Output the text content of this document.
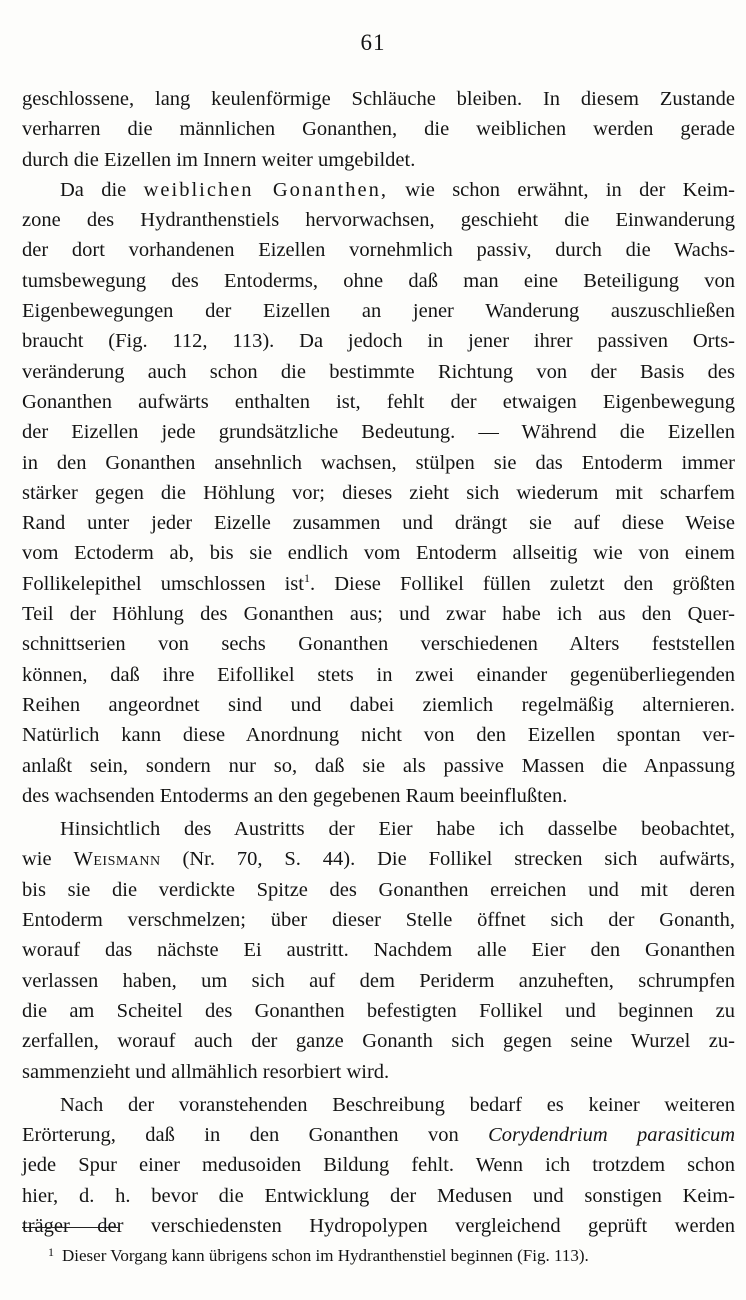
61
geschlossene, lang keulenförmige Schläuche bleiben. In diesem Zustande
verharren die männlichen Gonanthen, die weiblichen werden gerade
durch die Eizellen im Innern weiter umgebildet.
Da die weiblichen Gonanthen, wie schon erwähnt, in der Keim-
zone des Hydranthenstiels hervorwachsen, geschieht die Einwanderung
der dort vorhandenen Eizellen vornehmlich passiv, durch die Wachs-
tumsbewegung des Entoderms, ohne daß man eine Beteiligung von
Eigenbewegungen der Eizellen an jener Wanderung auszuschließen
braucht (Fig. 112, 113). Da jedoch in jener ihrer passiven Orts-
veränderung auch schon die bestimmte Richtung von der Basis des
Gonanthen aufwärts enthalten ist, fehlt der etwaigen Eigenbewegung
der Eizellen jede grundsätzliche Bedeutung. — Während die Eizellen
in den Gonanthen ansehnlich wachsen, stülpen sie das Entoderm immer
stärker gegen die Höhlung vor; dieses zieht sich wiederum mit scharfem
Rand unter jeder Eizelle zusammen und drängt sie auf diese Weise
vom Ectoderm ab, bis sie endlich vom Entoderm allseitig wie von einem
Follikelepithel umschlossen ist$^1$. Diese Follikel füllen zuletzt den größten
Teil der Höhlung des Gonanthen aus; und zwar habe ich aus den Quer-
schnittserien von sechs Gonanthen verschiedenen Alters feststellen
können, daß ihre Eifollikel stets in zwei einander gegenüberliegenden
Reihen angeordnet sind und dabei ziemlich regelmäßig alternieren.
Natürlich kann diese Anordnung nicht von den Eizellen spontan ver-
anlaßt sein, sondern nur so, daß sie als passive Massen die Anpassung
des wachsenden Entoderms an den gegebenen Raum beeinflußten.
Hinsichtlich des Austritts der Eier habe ich dasselbe beobachtet,
wie Weismann (Nr. 70, S. 44). Die Follikel strecken sich aufwärts,
bis sie die verdickte Spitze des Gonanthen erreichen und mit deren
Entoderm verschmelzen; über dieser Stelle öffnet sich der Gonanth,
worauf das nächste Ei austritt. Nachdem alle Eier den Gonanthen
verlassen haben, um sich auf dem Periderm anzuheften, schrumpfen
die am Scheitel des Gonanthen befestigten Follikel und beginnen zu
zerfallen, worauf auch der ganze Gonanth sich gegen seine Wurzel zu-
sammenzieht und allmählich resorbiert wird.
Nach der voranstehenden Beschreibung bedarf es keiner weiteren
Erörterung, daß in den Gonanthen von Corydendrium parasiticum
jede Spur einer medusoiden Bildung fehlt. Wenn ich trotzdem schon
hier, d. h. bevor die Entwicklung der Medusen und sonstigen Keim-
träger der verschiedensten Hydropolypen vergleichend geprüft werden
$^1$ Dieser Vorgang kann übrigens schon im Hydranthenstiel beginnen (Fig. 113).
